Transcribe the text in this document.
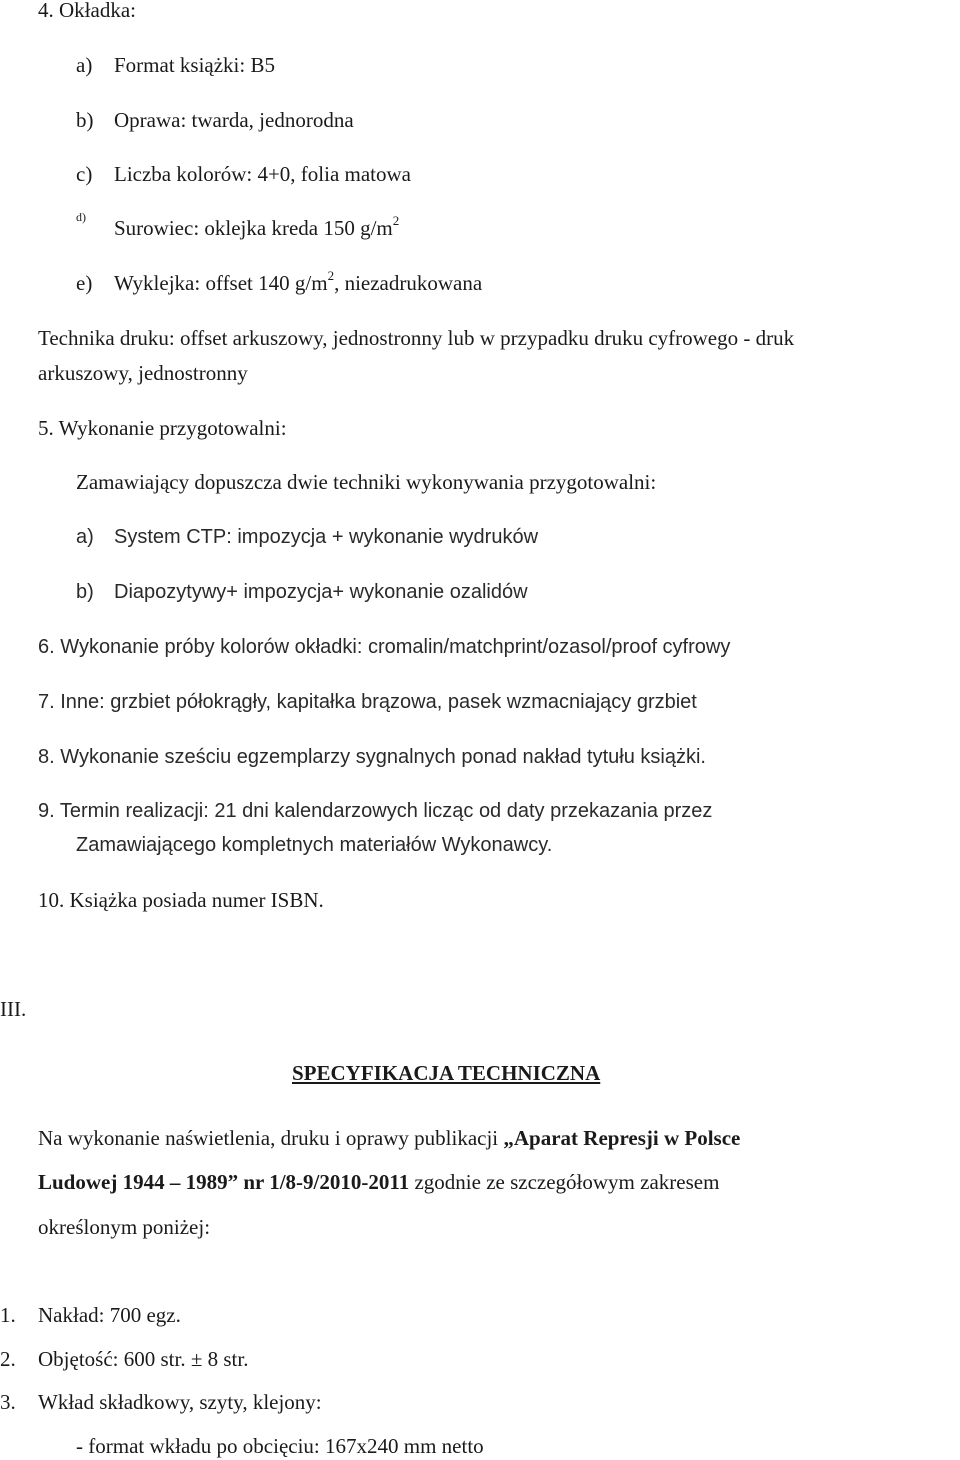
4. Okładka:
a) Format książki: B5
b) Oprawa: twarda, jednorodna
c) Liczba kolorów: 4+0, folia matowa
d) Surowiec: oklejka kreda 150 $g/m^2$
e) Wyklejka: offset 140 $g/m^2$, niezadrukowana
Technika druku: offset arkuszowy, jednostronny lub w przypadku druku cyfrowego - druk
arkuszowy, jednostronny
5. Wykonanie przygotowalni:
Zamawiający dopuszcza dwie techniki wykonywania przygotowalni:
a) System CTP: impozycja + wykonanie wydruków
b) Diapozytywy+ impozycja+ wykonanie ozalidów
6. Wykonanie próby kolorów okładki: cromalin/matchprint/ozasol/proof cyfrowy
7. Inne: grzbiet półokrągły, kapitałka brązowa, pasek wzmacniający grzbiet
8. Wykonanie sześciu egzemplarzy sygnalnych ponad nakład tytułu książki.
9. Termin realizacji: 21 dni kalendarzowych licząc od daty przekazania przez
Zamawiającego kompletnych materiałów Wykonawcy.
10. Książka posiada numer ISBN.
III.
SPECYFIKACJA TECHNICZNA
Na wykonanie naświetlenia, druku i oprawy publikacji „Aparat Represji w Polsce
Ludowej 1944 – 1989” nr 1/8-9/2010-2011 zgodnie ze szczegółowym zakresem
określonym poniżej:
1. Nakład: 700 egz.
2. Objętość: 600 str. ± 8 str.
3. Wkład składkowy, szyty, klejony:
- format wkładu po obcięciu: 167x240 mm netto
